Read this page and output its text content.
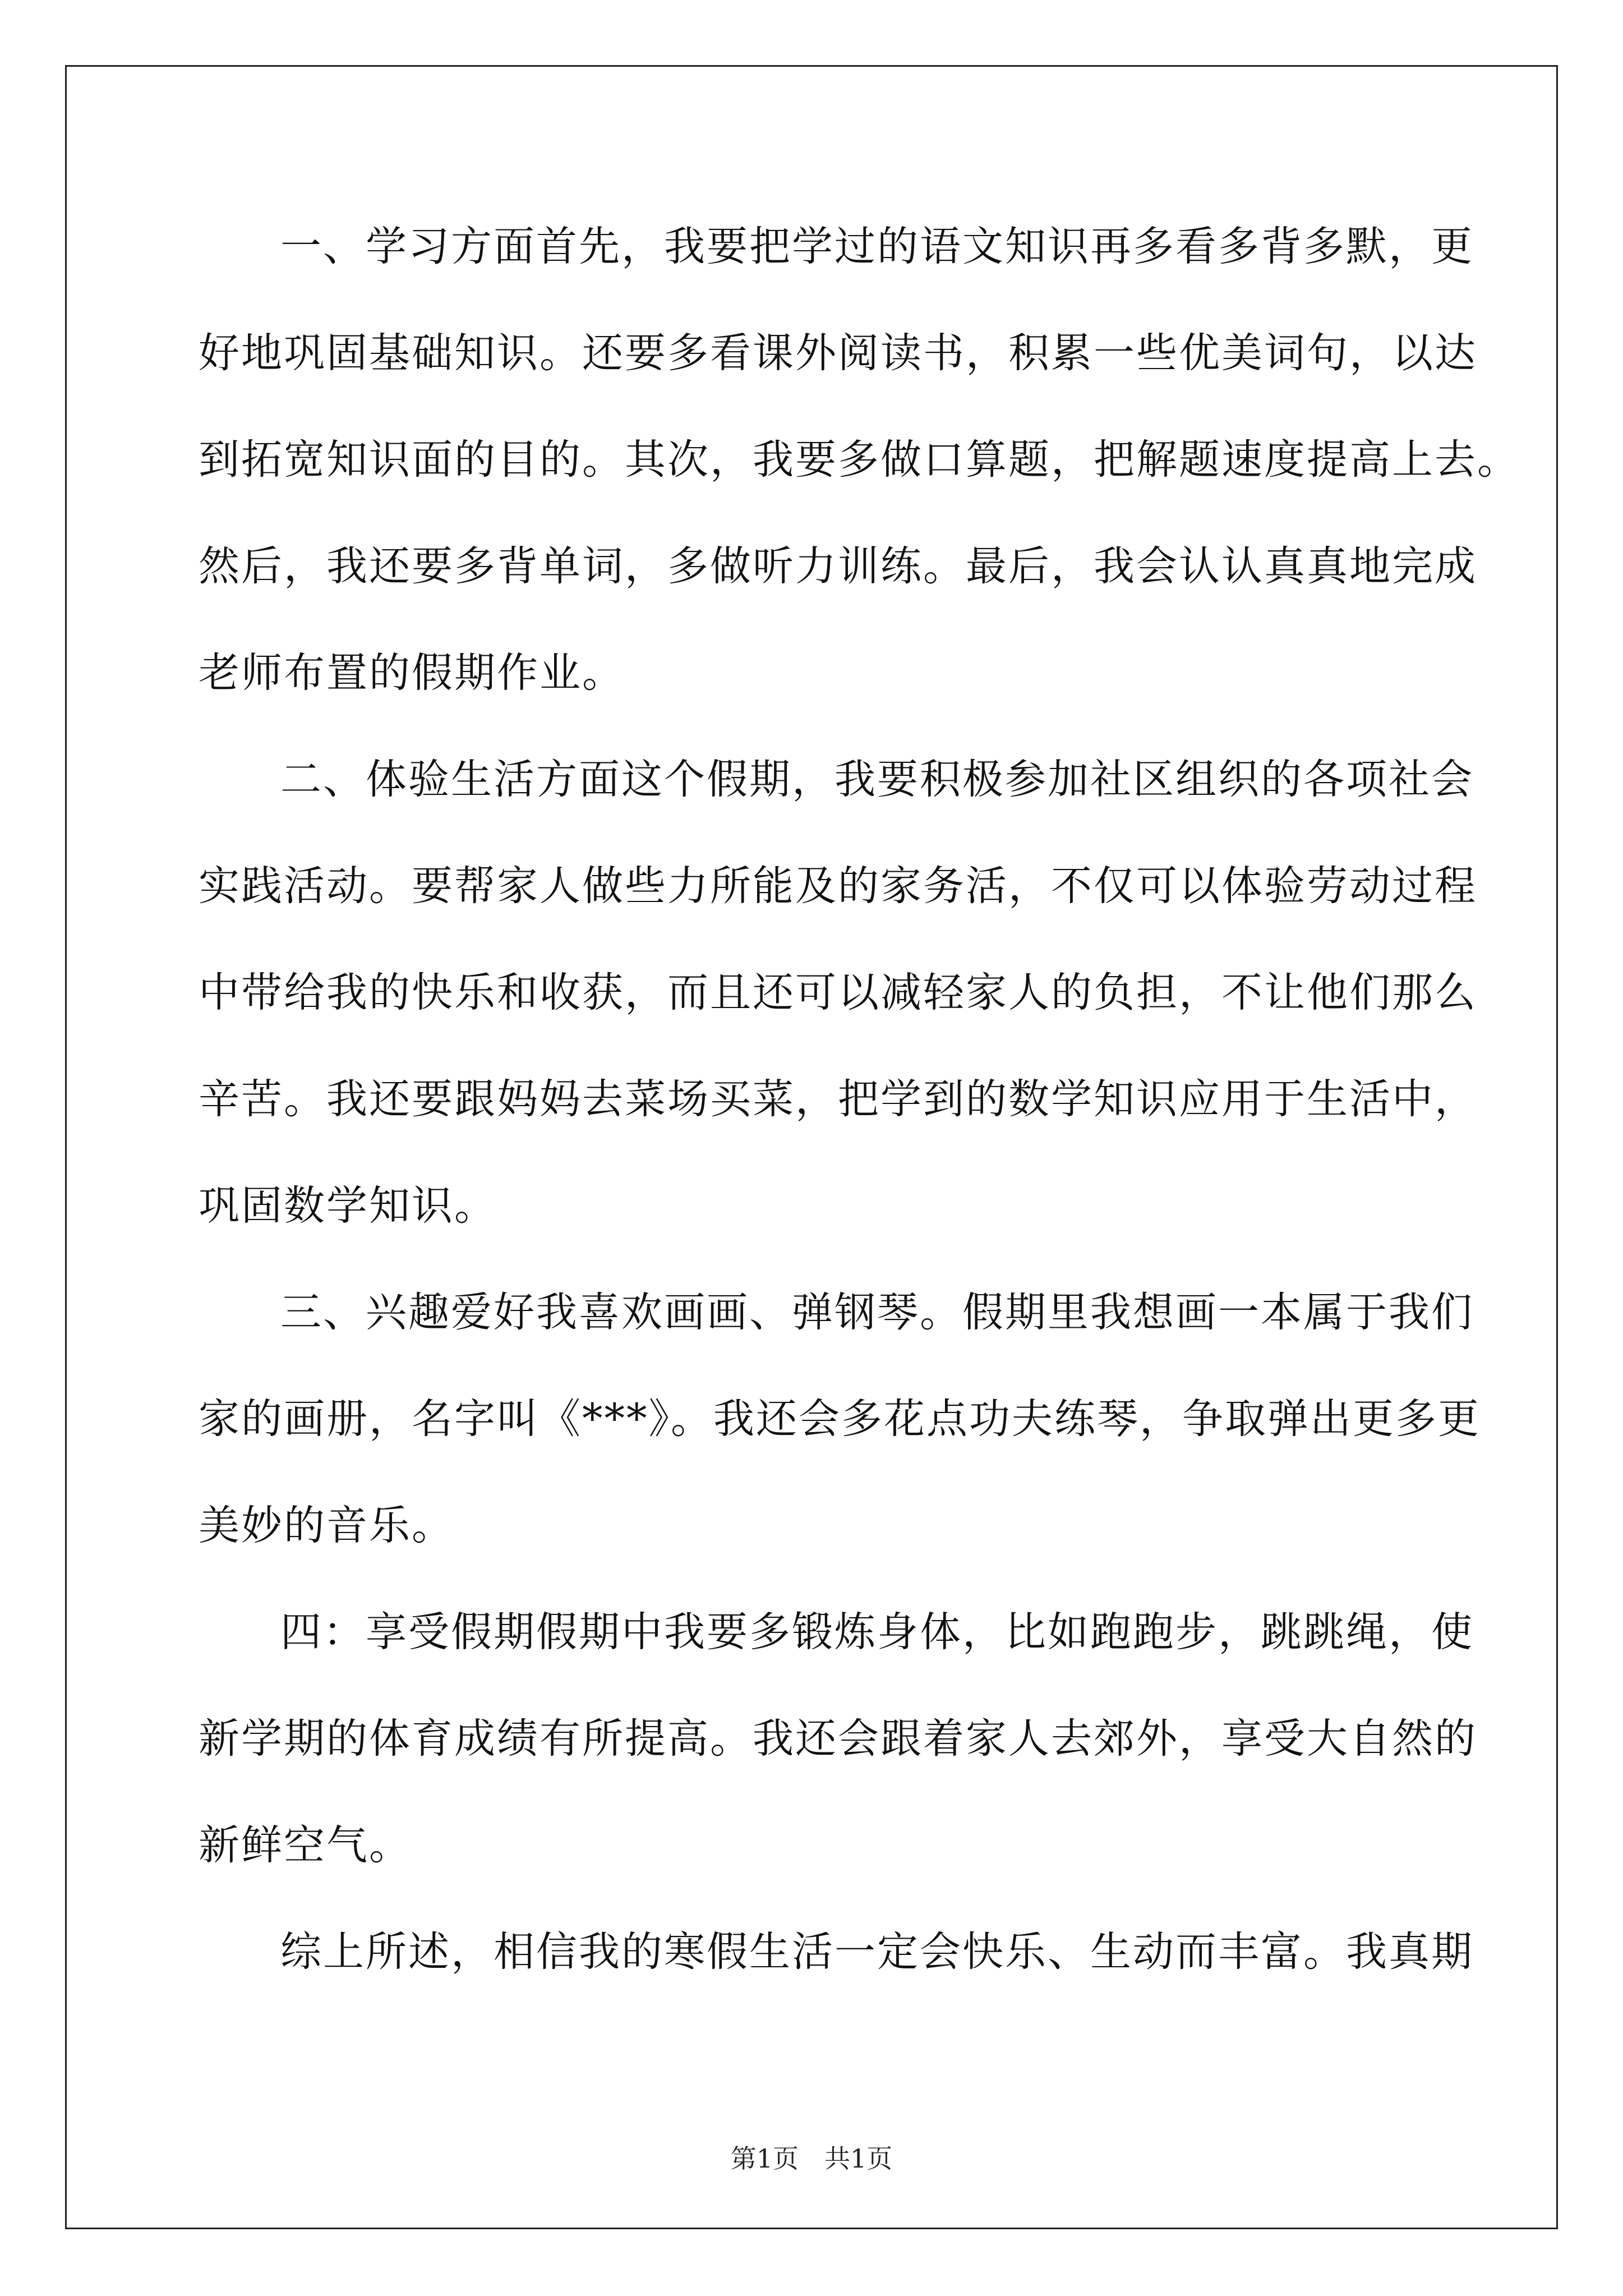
一、学习方面首先，我要把学过的语文知识再多看多背多默，更
好地巩固基础知识。还要多看课外阅读书，积累一些优美词句，以达
到拓宽知识面的目的。其次，我要多做口算题，把解题速度提高上去。
然后，我还要多背单词，多做听力训练。最后，我会认认真真地完成
老师布置的假期作业。
二、体验生活方面这个假期，我要积极参加社区组织的各项社会
实践活动。要帮家人做些力所能及的家务活，不仅可以体验劳动过程
中带给我的快乐和收获，而且还可以减轻家人的负担，不让他们那么
辛苦。我还要跟妈妈去菜场买菜，把学到的数学知识应用于生活中，
巩固数学知识。
三、兴趣爱好我喜欢画画、弹钢琴。假期里我想画一本属于我们
家的画册，名字叫《***》。我还会多花点功夫练琴，争取弹出更多更
美妙的音乐。
四：享受假期假期中我要多锻炼身体，比如跑跑步，跳跳绳，使
新学期的体育成绩有所提高。我还会跟着家人去郊外，享受大自然的
新鲜空气。
综上所述，相信我的寒假生活一定会快乐、生动而丰富。我真期
第1页　共1页
